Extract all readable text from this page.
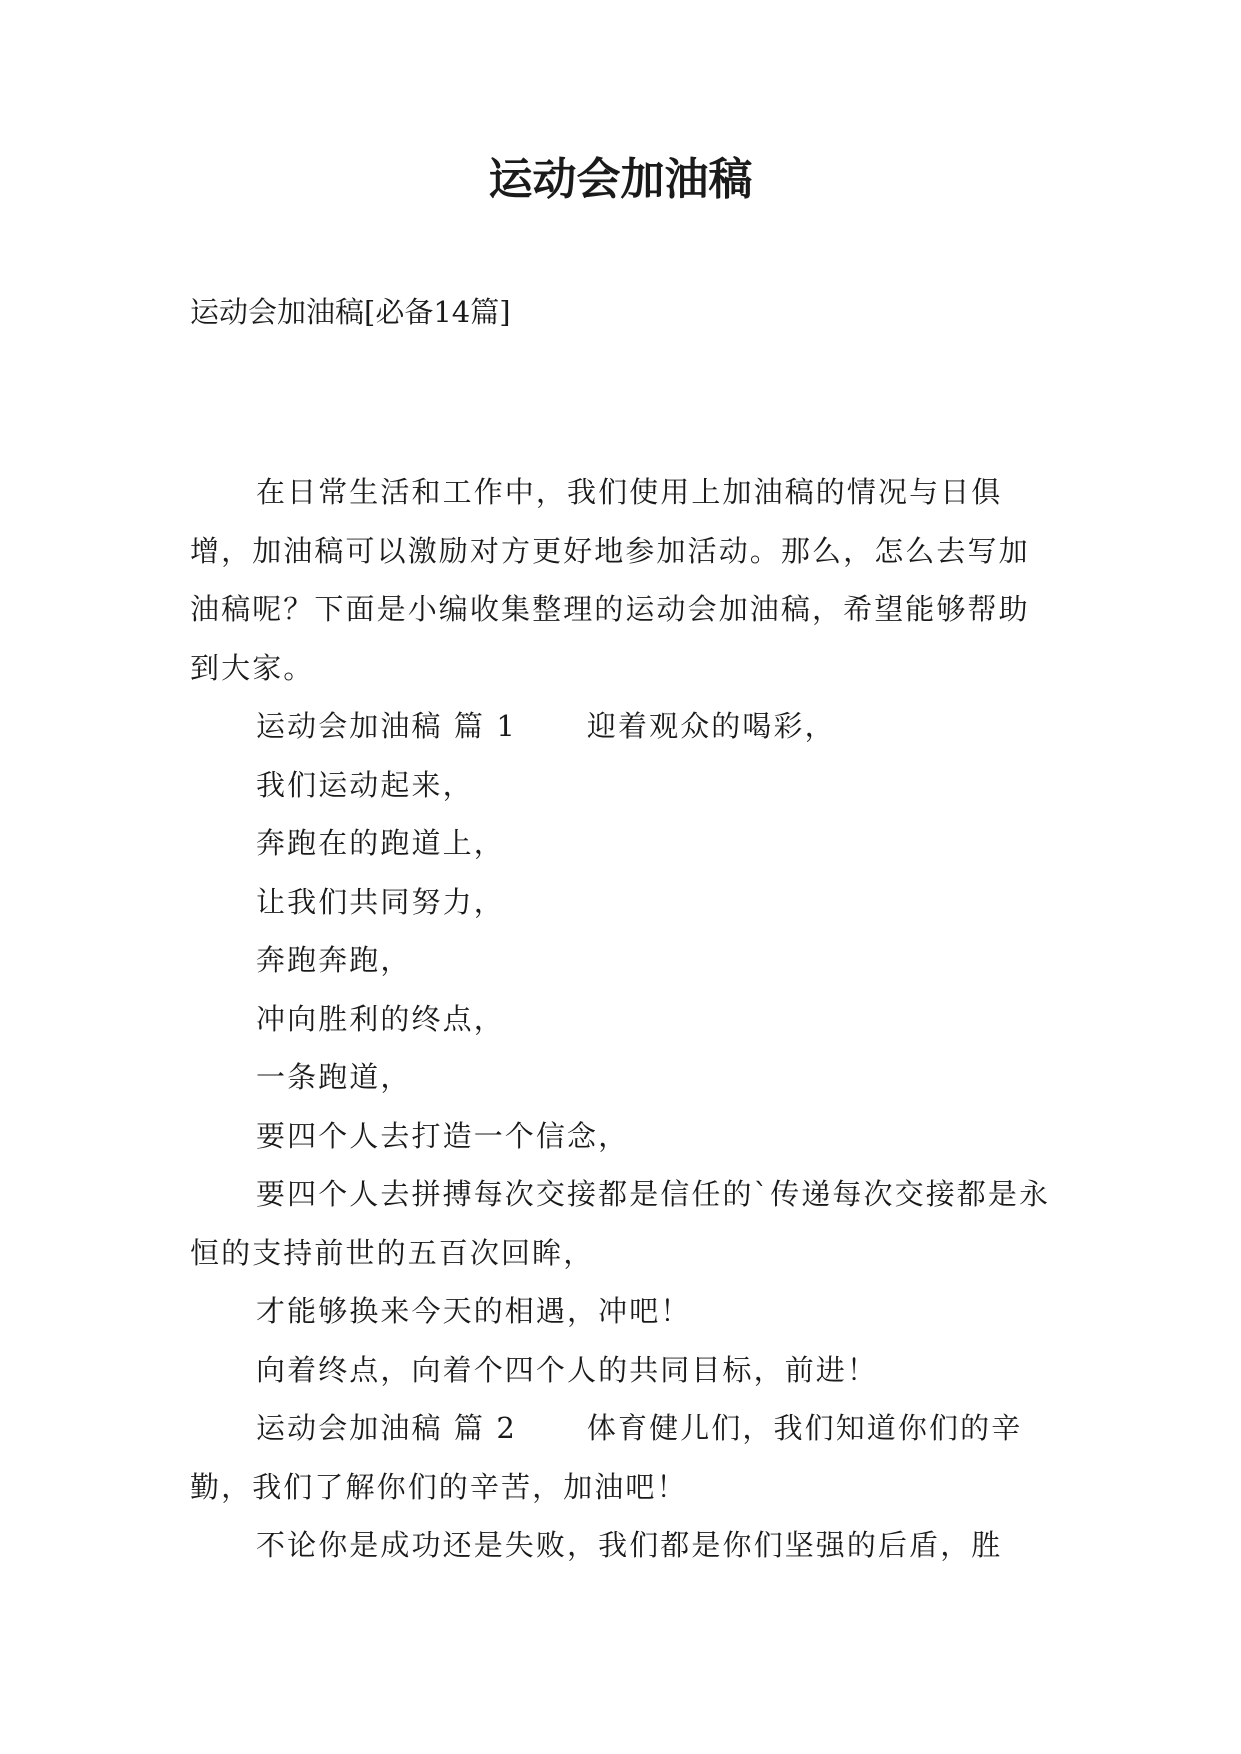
运动会加油稿

运动会加油稿[必备14篇]

在日常生活和工作中，我们使用上加油稿的情况与日俱增，加油稿可以激励对方更好地参加活动。那么，怎么去写加油稿呢？下面是小编收集整理的运动会加油稿，希望能够帮助到大家。

运动会加油稿 篇 1 迎着观众的喝彩，

我们运动起来，

奔跑在的跑道上，

让我们共同努力，

奔跑奔跑，

冲向胜利的终点，

一条跑道，

要四个人去打造一个信念，

要四个人去拼搏每次交接都是信任的`传递每次交接都是永恒的支持前世的五百次回眸，

才能够换来今天的相遇，冲吧！

向着终点，向着个四个人的共同目标，前进！

运动会加油稿 篇 2 体育健儿们，我们知道你们的辛勤，我们了解你们的辛苦，加油吧！

不论你是成功还是失败，我们都是你们坚强的后盾，胜
